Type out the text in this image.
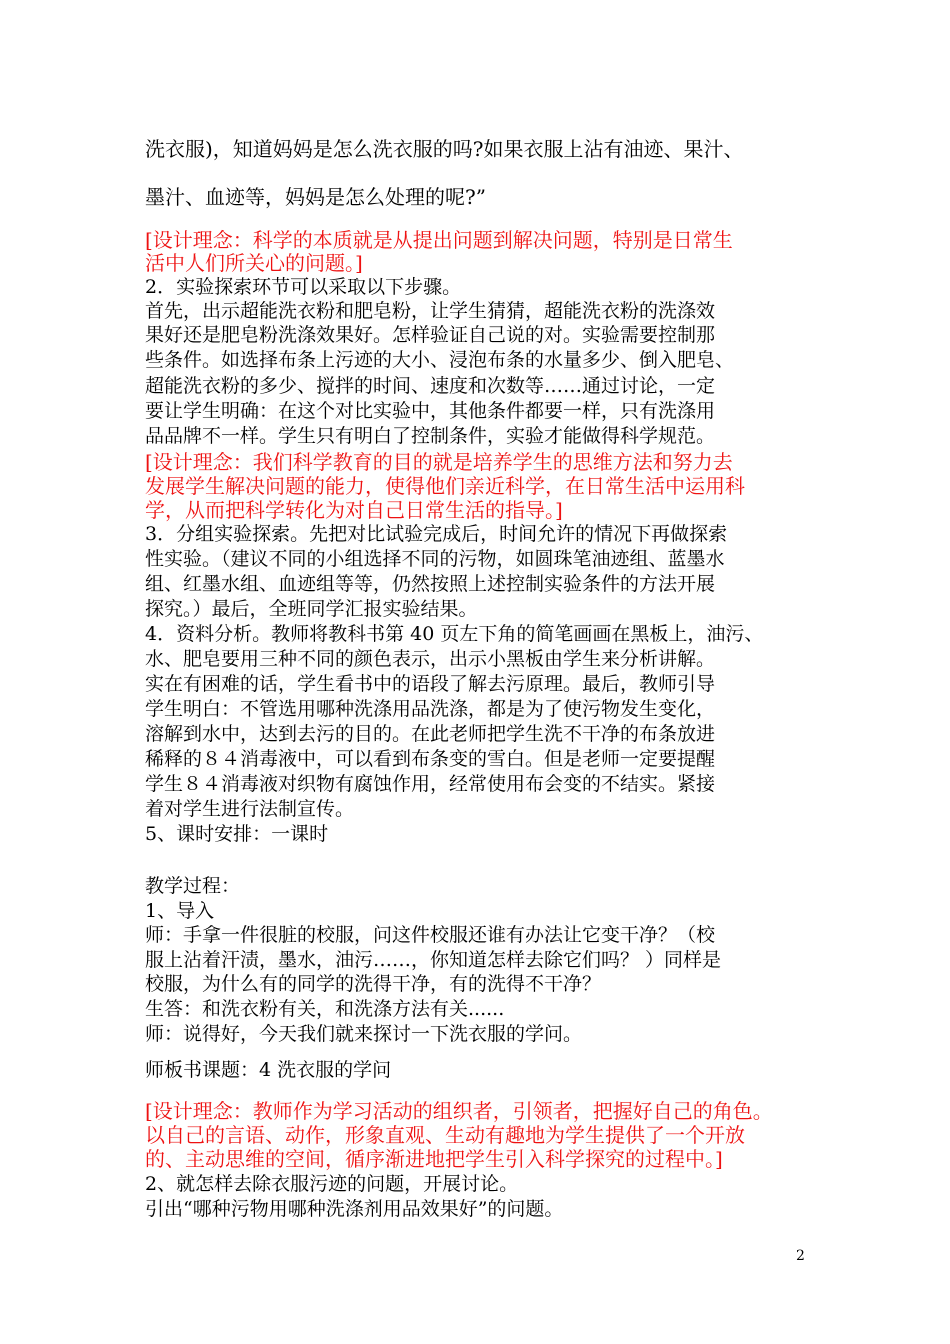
洗衣服)，知道妈妈是怎么洗衣服的吗?如果衣服上沾有油迹、果汁、
墨汁、血迹等，妈妈是怎么处理的呢?”
[设计理念：科学的本质就是从提出问题到解决问题，特别是日常生
活中人们所关心的问题。]
2．实验探索环节可以采取以下步骤。
首先，出示超能洗衣粉和肥皂粉，让学生猜猜，超能洗衣粉的洗涤效
果好还是肥皂粉洗涤效果好。怎样验证自己说的对。实验需要控制那
些条件。如选择布条上污迹的大小、浸泡布条的水量多少、倒入肥皂、
超能洗衣粉的多少、搅拌的时间、速度和次数等……通过讨论，一定
要让学生明确：在这个对比实验中，其他条件都要一样，只有洗涤用
品品牌不一样。学生只有明白了控制条件，实验才能做得科学规范。
[设计理念：我们科学教育的目的就是培养学生的思维方法和努力去
发展学生解决问题的能力，使得他们亲近科学，在日常生活中运用科
学，从而把科学转化为对自己日常生活的指导。]
3．分组实验探索。先把对比试验完成后，时间允许的情况下再做探索
性实验。（建议不同的小组选择不同的污物，如圆珠笔油迹组、蓝墨水
组、红墨水组、血迹组等等，仍然按照上述控制实验条件的方法开展
探究。）最后，全班同学汇报实验结果。
4．资料分析。教师将教科书第 40 页左下角的简笔画画在黑板上，油污、
水、肥皂要用三种不同的颜色表示，出示小黑板由学生来分析讲解。
实在有困难的话，学生看书中的语段了解去污原理。最后，教师引导
学生明白：不管选用哪种洗涤用品洗涤，都是为了使污物发生变化，
溶解到水中，达到去污的目的。在此老师把学生洗不干净的布条放进
稀释的８４消毒液中，可以看到布条变的雪白。但是老师一定要提醒
学生８４消毒液对织物有腐蚀作用，经常使用布会变的不结实。紧接
着对学生进行法制宣传。
5、课时安排：一课时
教学过程：
1、导入
师：手拿一件很脏的校服，问这件校服还谁有办法让它变干净？（校
服上沾着汗渍，墨水，油污……，你知道怎样去除它们吗？ ）同样是
校服，为什么有的同学的洗得干净，有的洗得不干净？
生答：和洗衣粉有关，和洗涤方法有关......
师：说得好，今天我们就来探讨一下洗衣服的学问。
师板书课题：4 洗衣服的学问
[设计理念：教师作为学习活动的组织者，引领者，把握好自己的角色。
以自己的言语、动作，形象直观、生动有趣地为学生提供了一个开放
的、主动思维的空间，循序渐进地把学生引入科学探究的过程中。]
2、就怎样去除衣服污迹的问题，开展讨论。
引出“哪种污物用哪种洗涤剂用品效果好”的问题。
2
